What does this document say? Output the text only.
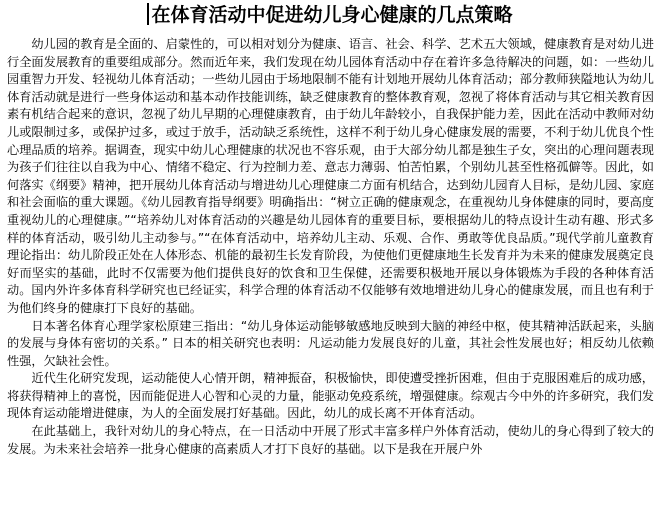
在体育活动中促进幼儿身心健康的几点策略

幼儿园的教育是全面的、启蒙性的，可以相对划分为健康、语言、社会、科学、艺术五大领域，健康教育是对幼儿进行全面发展教育的重要组成部分。然而近年来，我们发现在幼儿园体育活动中存在着许多急待解决的问题，如：一些幼儿园重智力开发、轻视幼儿体育活动；一些幼儿园由于场地限制不能有计划地开展幼儿体育活动；部分教师狭隘地认为幼儿体育活动就是进行一些身体运动和基本动作技能训练，缺乏健康教育的整体教育观，忽视了将体育活动与其它相关教育因素有机结合起来的意识，忽视了幼儿早期的心理健康教育，由于幼儿年龄较小，自我保护能力差，因此在活动中教师对幼儿或限制过多，或保护过多，或过于放手，活动缺乏系统性，这样不利于幼儿身心健康发展的需要，不利于幼儿优良个性心理品质的培养。据调查，现实中幼儿心理健康的状况也不容乐观，由于大部分幼儿都是独生子女，突出的心理问题表现为孩子们往往以自我为中心、情绪不稳定、行为控制力差、意志力薄弱、怕苦怕累，个别幼儿甚至性格孤僻等。因此，如何落实《纲要》精神，把开展幼儿体育活动与增进幼儿心理健康二方面有机结合，达到幼儿园育人目标，是幼儿园、家庭和社会面临的重大课题。《幼儿园教育指导纲要》明确指出：“树立正确的健康观念，在重视幼儿身体健康的同时，要高度重视幼儿的心理健康。”“培养幼儿对体育活动的兴趣是幼儿园体育的重要目标，要根据幼儿的特点设计生动有趣、形式多样的体育活动，吸引幼儿主动参与。”“在体育活动中，培养幼儿主动、乐观、合作、勇敢等优良品质。”现代学前儿童教育理论指出：幼儿阶段正处在人体形态、机能的最初生长发育阶段，为使他们更健康地生长发育并为未来的健康发展奠定良好而坚实的基础，此时不仅需要为他们提供良好的饮食和卫生保健，还需要积极地开展以身体锻炼为手段的各种体育活动。国内外许多体育科学研究也已经证实，科学合理的体育活动不仅能够有效地增进幼儿身心的健康发展，而且也有利于为他们终身的健康打下良好的基础。

日本著名体育心理学家松原建三指出：“幼儿身体运动能够敏感地反映到大脑的神经中枢，使其精神活跃起来，头脑的发展与身体有密切的关系。” 日本的相关研究也表明：凡运动能力发展良好的儿童，其社会性发展也好；相反幼儿依赖性强，欠缺社会性。

近代生化研究发现，运动能使人心情开朗，精神振奋，积极愉快，即使遭受挫折困难，但由于克服困难后的成功感，将获得精神上的喜悦，因而能促进人心智和心灵的力量，能驱动免疫系统，增强健康。综观古今中外的许多研究，我们发现体育运动能增进健康，为人的全面发展打好基础。因此，幼儿的成长离不开体育活动。

在此基础上，我针对幼儿的身心特点，在一日活动中开展了形式丰富多样户外体育活动，使幼儿的身心得到了较大的发展。为未来社会培养一批身心健康的高素质人才打下良好的基础。以下是我在开展户外
